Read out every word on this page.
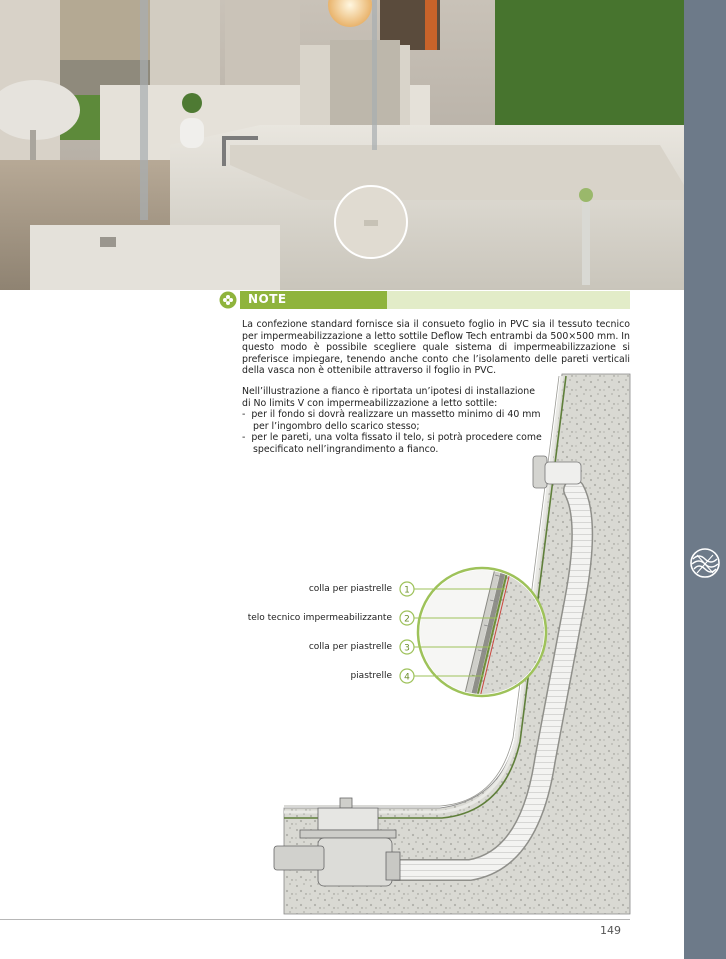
NOTE

La confezione standard fornisce sia il consueto foglio in PVC sia il tessuto tecnico per impermeabilizzazione a letto sottile Deflow Tech entrambi da 500×500 mm. In questo modo è possibile scegliere quale sistema di impermeabilizzazione si preferisce impiegare, tenendo anche conto che l’isolamento delle pareti verticali della vasca non è ottenibile attraverso il foglio in PVC.

Nell’illustrazione a fianco è riportata un’ipotesi di installazione di No limits V con impermeabilizzazione a letto sottile:

-  per il fondo si dovrà realizzare un massetto minimo di 40 mm per l’ingombro dello scarico stesso;

-  per le pareti, una volta fissato il telo, si potrà procedere come specificato nell’ingrandimento a fianco.

1
2
3
4
colla per piastrelle
telo tecnico impermeabilizzante
colla per piastrelle
piastrelle
149
